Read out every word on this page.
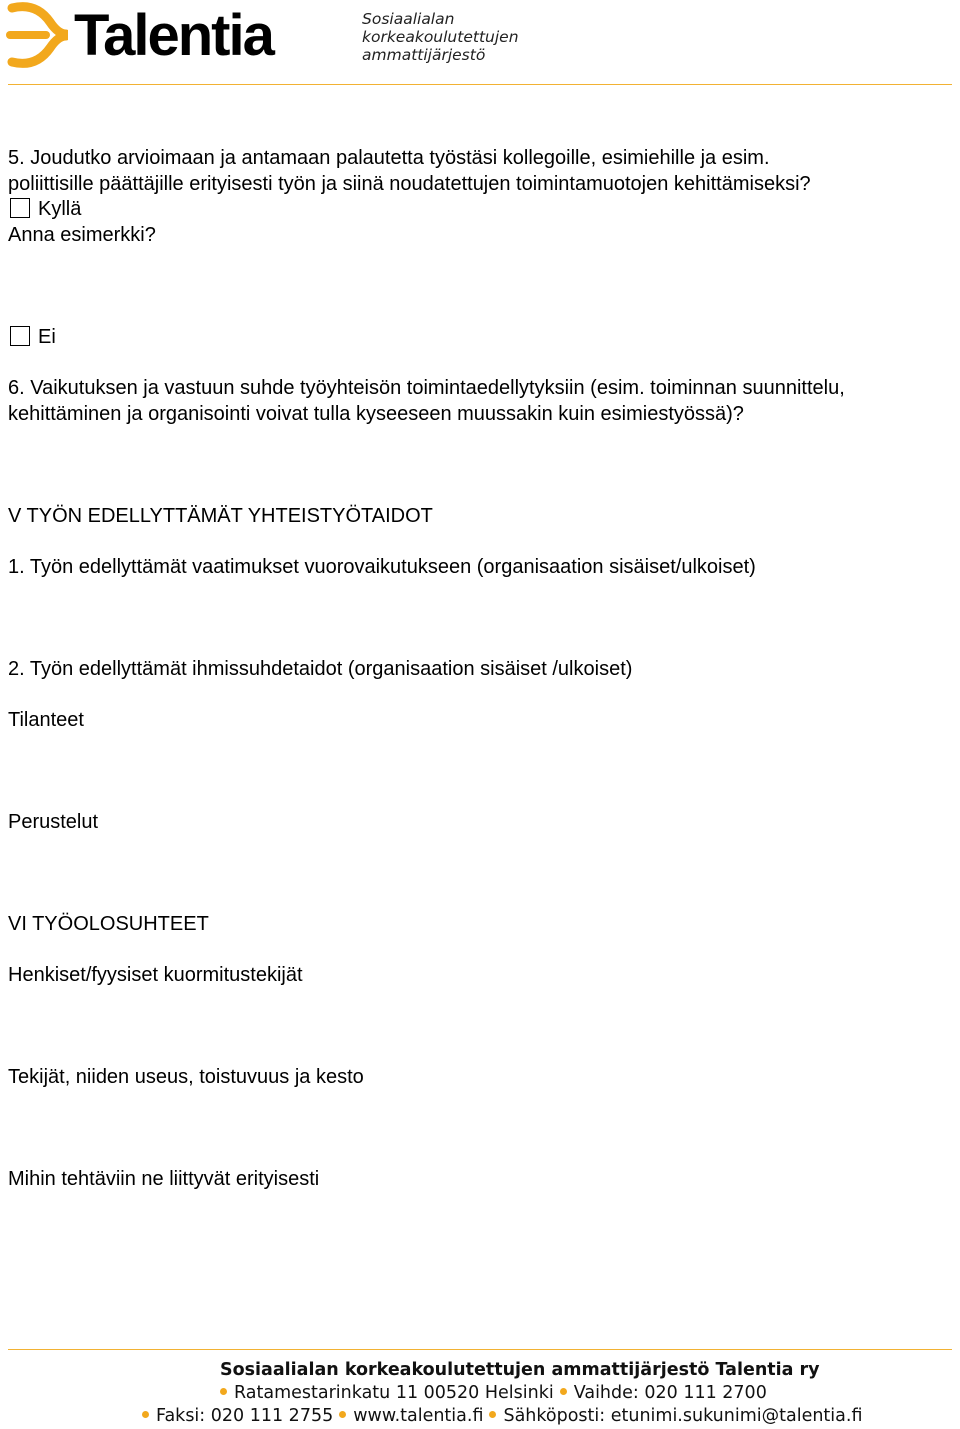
Talentia	Sosiaalialan
korkeakoulutettujen
ammattijärjestö
5. Joudutko arvioimaan ja antamaan palautetta työstäsi kollegoille, esimiehille ja esim.
poliittisille päättäjille erityisesti työn ja siinä noudatettujen toimintamuotojen kehittämiseksi?
Kyllä
Anna esimerkki?
Ei
6. Vaikutuksen ja vastuun suhde työyhteisön toimintaedellytyksiin (esim. toiminnan suunnittelu,
kehittäminen ja organisointi voivat tulla kyseeseen muussakin kuin esimiestyössä)?
V TYÖN EDELLYTTÄMÄT YHTEISTYÖTAIDOT
1. Työn edellyttämät vaatimukset vuorovaikutukseen (organisaation sisäiset/ulkoiset)
2. Työn edellyttämät ihmissuhdetaidot (organisaation sisäiset /ulkoiset)
Tilanteet
Perustelut
VI TYÖOLOSUHTEET
Henkiset/fyysiset kuormitustekijät
Tekijät, niiden useus, toistuvuus ja kesto
Mihin tehtäviin ne liittyvät erityisesti
Sosiaalialan korkeakoulutettujen ammattijärjestö Talentia ry
Ratamestarinkatu 11 00520 Helsinki Vaihde: 020 111 2700
Faksi: 020 111 2755 www.talentia.fi Sähköposti: etunimi.sukunimi@talentia.fi
